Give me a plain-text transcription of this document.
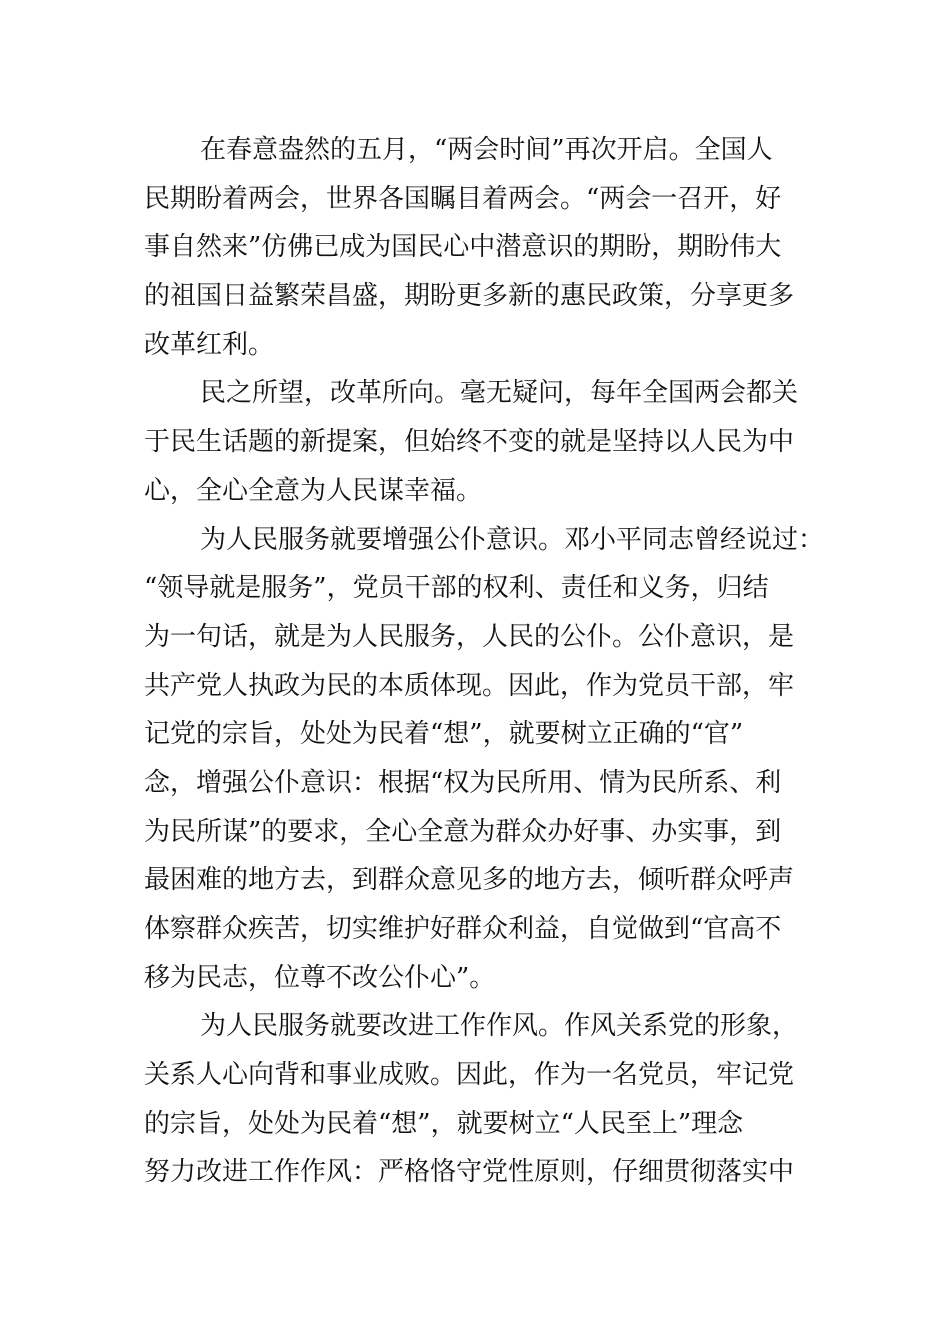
在春意盎然的五月，“两会时间”再次开启。全国人
民期盼着两会，世界各国瞩目着两会。“两会一召开，好
事自然来”仿佛已成为国民心中潜意识的期盼，期盼伟大
的祖国日益繁荣昌盛，期盼更多新的惠民政策，分享更多
改革红利。
民之所望，改革所向。毫无疑问，每年全国两会都关
于民生话题的新提案，但始终不变的就是坚持以人民为中
心，全心全意为人民谋幸福。
为人民服务就要增强公仆意识。邓小平同志曾经说过：
“领导就是服务”，党员干部的权利、责任和义务，归结
为一句话，就是为人民服务，人民的公仆。公仆意识，是
共产党人执政为民的本质体现。因此，作为党员干部，牢
记党的宗旨，处处为民着“想”，就要树立正确的“官”
念，增强公仆意识：根据“权为民所用、情为民所系、利
为民所谋”的要求，全心全意为群众办好事、办实事，到
最困难的地方去，到群众意见多的地方去，倾听群众呼声
体察群众疾苦，切实维护好群众利益，自觉做到“官高不
移为民志，位尊不改公仆心”。
为人民服务就要改进工作作风。作风关系党的形象，
关系人心向背和事业成败。因此，作为一名党员，牢记党
的宗旨，处处为民着“想”，就要树立“人民至上”理念
努力改进工作作风：严格恪守党性原则，仔细贯彻落实中
